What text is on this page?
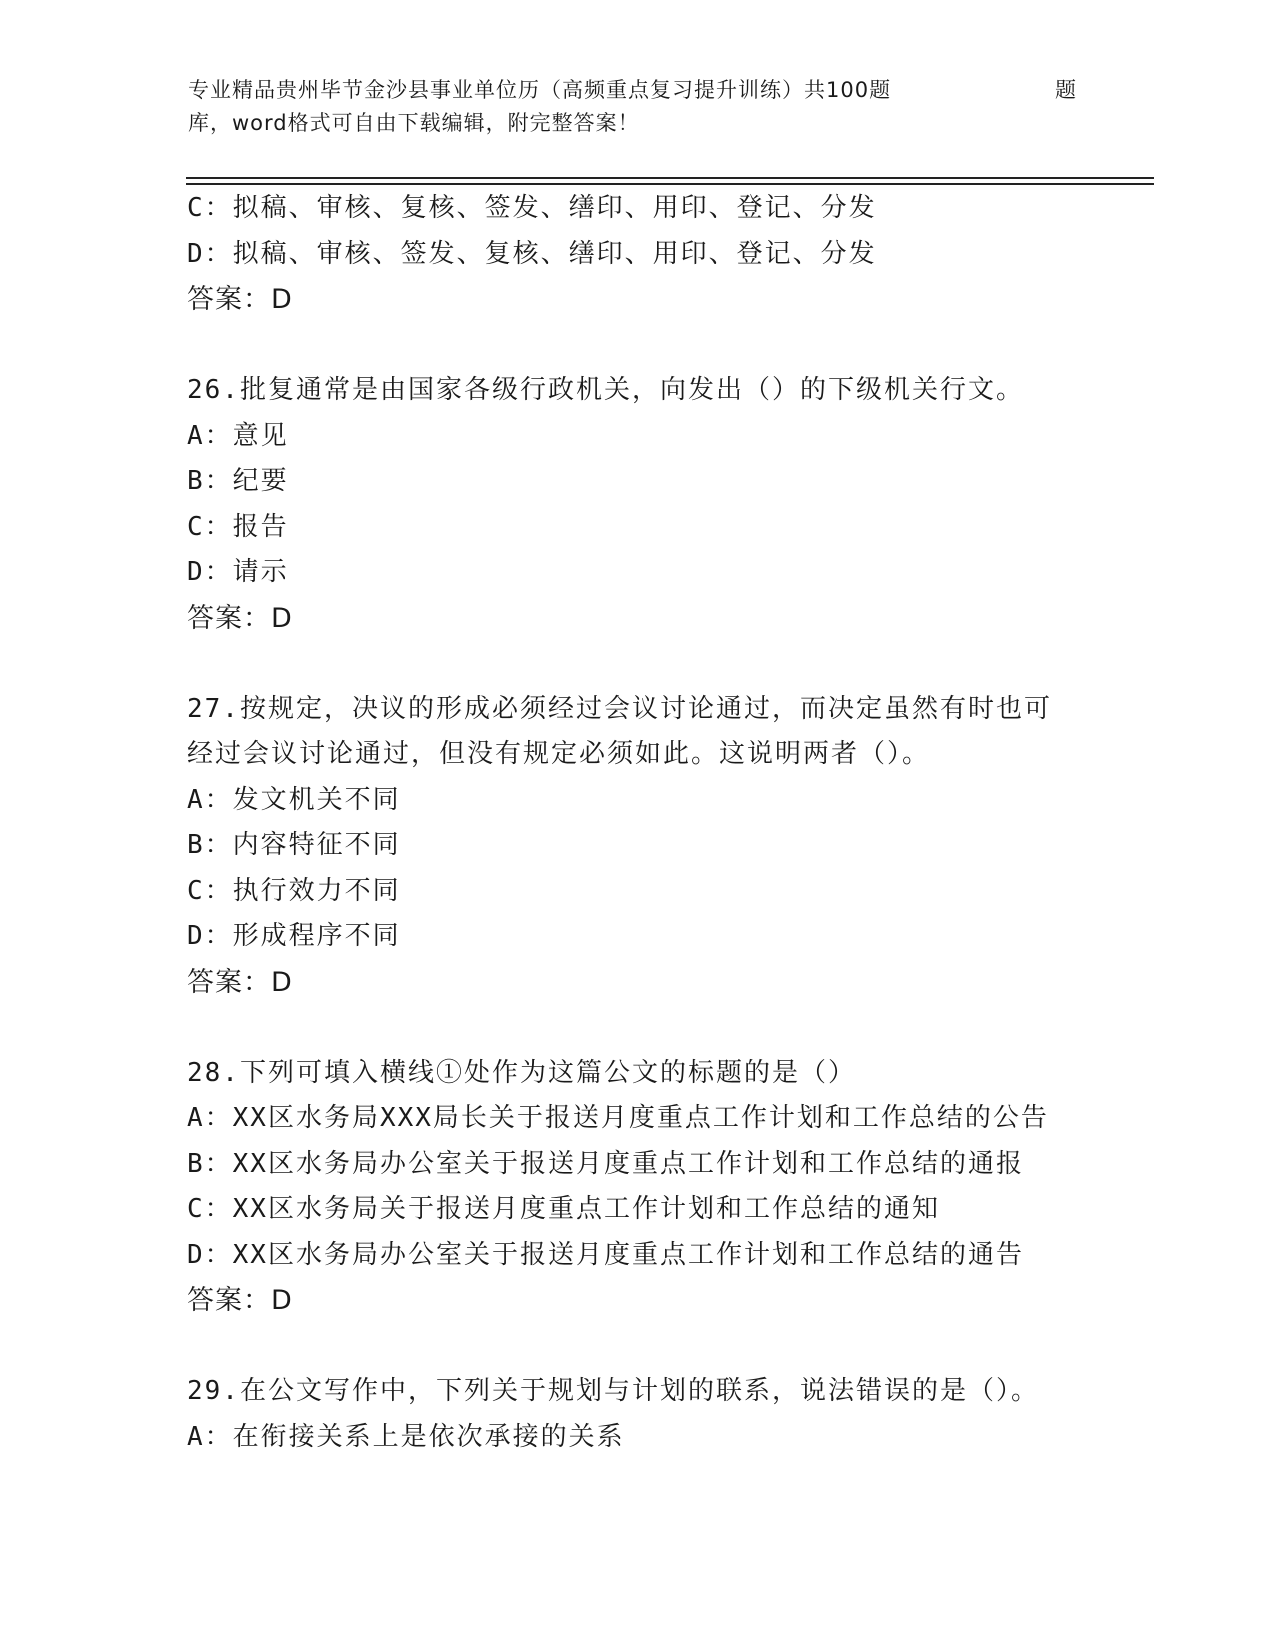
专业精品贵州毕节金沙县事业单位历（高频重点复习提升训练）共100题
库，word格式可自由下载编辑，附完整答案！
题
C：拟稿、审核、复核、签发、缮印、用印、登记、分发
D：拟稿、审核、签发、复核、缮印、用印、登记、分发
答案：D
26.批复通常是由国家各级行政机关，向发出（）的下级机关行文。
A：意见
B：纪要
C：报告
D：请示
答案：D
27.按规定，决议的形成必须经过会议讨论通过，而决定虽然有时也可
经过会议讨论通过，但没有规定必须如此。这说明两者（）。
A：发文机关不同
B：内容特征不同
C：执行效力不同
D：形成程序不同
答案：D
28.下列可填入横线①处作为这篇公文的标题的是（）
A：XX区水务局XXX局长关于报送月度重点工作计划和工作总结的公告
B：XX区水务局办公室关于报送月度重点工作计划和工作总结的通报
C：XX区水务局关于报送月度重点工作计划和工作总结的通知
D：XX区水务局办公室关于报送月度重点工作计划和工作总结的通告
答案：D
29.在公文写作中，下列关于规划与计划的联系，说法错误的是（）。
A：在衔接关系上是依次承接的关系
